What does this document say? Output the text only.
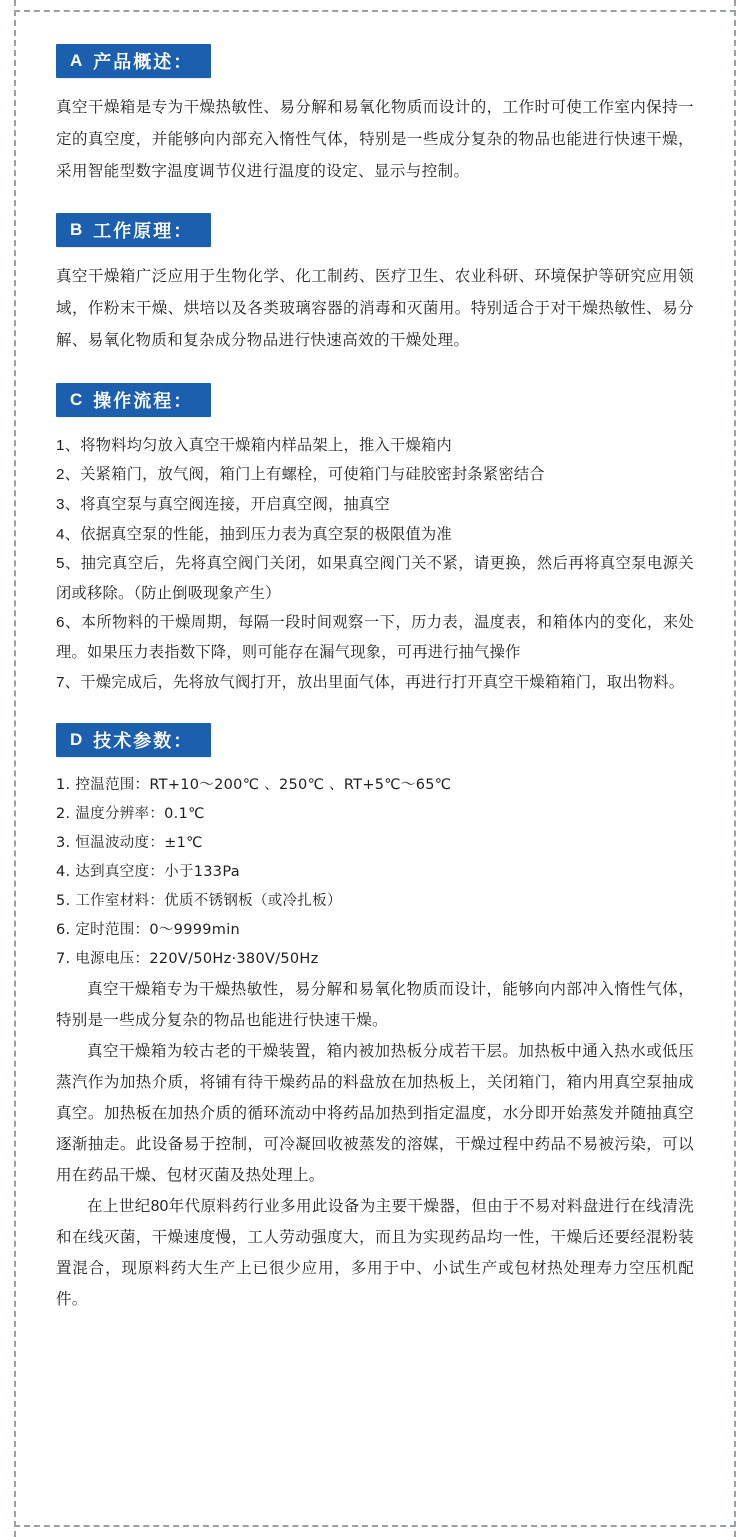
A 产品概述：

真空干燥箱是专为干燥热敏性、易分解和易氧化物质而设计的，工作时可使工作室内保持一定的真空度，并能够向内部充入惰性气体，特别是一些成分复杂的物品也能进行快速干燥，采用智能型数字温度调节仪进行温度的设定、显示与控制。

B 工作原理：

真空干燥箱广泛应用于生物化学、化工制药、医疗卫生、农业科研、环境保护等研究应用领域，作粉末干燥、烘培以及各类玻璃容器的消毒和灭菌用。特别适合于对干燥热敏性、易分解、易氧化物质和复杂成分物品进行快速高效的干燥处理。

C 操作流程：
1、将物料均匀放入真空干燥箱内样品架上，推入干燥箱内
2、关紧箱门，放气阀，箱门上有螺栓，可使箱门与硅胶密封条紧密结合
3、将真空泵与真空阀连接，开启真空阀，抽真空
4、依据真空泵的性能，抽到压力表为真空泵的极限值为准
5、抽完真空后，先将真空阀门关闭，如果真空阀门关不紧，请更换，然后再将真空泵电源关闭或移除。（防止倒吸现象产生）
6、本所物料的干燥周期，每隔一段时间观察一下，历力表，温度表，和箱体内的变化，来处理。如果压力表指数下降，则可能存在漏气现象，可再进行抽气操作
7、干燥完成后，先将放气阀打开，放出里面气体，再进行打开真空干燥箱箱门，取出物料。
D 技术参数：
1. 控温范围：RT+10～200℃ 、250℃ 、RT+5℃～65℃
2. 温度分辨率：0.1℃
3. 恒温波动度：±1℃
4. 达到真空度：小于133Pa
5. 工作室材料：优质不锈钢板（或冷扎板）
6. 定时范围：0～9999min
7. 电源电压：220V/50Hz·380V/50Hz

真空干燥箱专为干燥热敏性，易分解和易氧化物质而设计，能够向内部冲入惰性气体，特别是一些成分复杂的物品也能进行快速干燥。

真空干燥箱为较古老的干燥装置，箱内被加热板分成若干层。加热板中通入热水或低压蒸汽作为加热介质，将铺有待干燥药品的料盘放在加热板上，关闭箱门，箱内用真空泵抽成真空。加热板在加热介质的循环流动中将药品加热到指定温度，水分即开始蒸发并随抽真空逐渐抽走。此设备易于控制，可冷凝回收被蒸发的溶媒，干燥过程中药品不易被污染，可以用在药品干燥、包材灭菌及热处理上。

在上世纪80年代原料药行业多用此设备为主要干燥器，但由于不易对料盘进行在线清洗和在线灭菌，干燥速度慢，工人劳动强度大，而且为实现药品均一性，干燥后还要经混粉装置混合，现原料药大生产上已很少应用，多用于中、小试生产或包材热处理寿力空压机配件。
